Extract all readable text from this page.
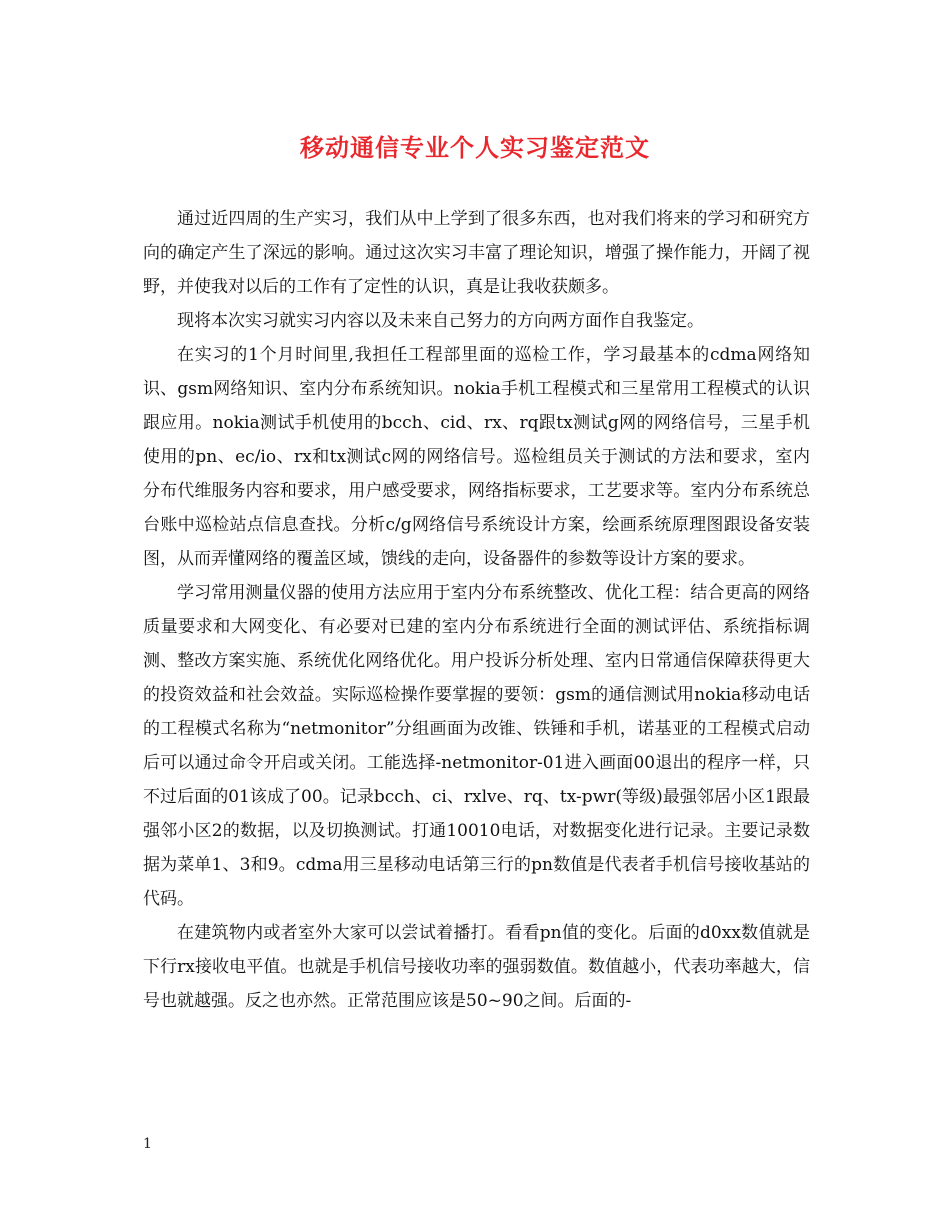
移动通信专业个人实习鉴定范文

通过近四周的生产实习，我们从中上学到了很多东西，也对我们将来的学习和研究方向的确定产生了深远的影响。通过这次实习丰富了理论知识，增强了操作能力，开阔了视野，并使我对以后的工作有了定性的认识，真是让我收获颇多。

现将本次实习就实习内容以及未来自己努力的方向两方面作自我鉴定。

在实习的1个月时间里,我担任工程部里面的巡检工作，学习最基本的cdma网络知识、gsm网络知识、室内分布系统知识。nokia手机工程模式和三星常用工程模式的认识跟应用。nokia测试手机使用的bcch、cid、rx、rq跟tx测试g网的网络信号，三星手机使用的pn、ec/io、rx和tx测试c网的网络信号。巡检组员关于测试的方法和要求，室内分布代维服务内容和要求，用户感受要求，网络指标要求，工艺要求等。室内分布系统总台账中巡检站点信息查找。分析c/g网络信号系统设计方案，绘画系统原理图跟设备安装图，从而弄懂网络的覆盖区域，馈线的走向，设备器件的参数等设计方案的要求。

学习常用测量仪器的使用方法应用于室内分布系统整改、优化工程：结合更高的网络质量要求和大网变化、有必要对已建的室内分布系统进行全面的测试评估、系统指标调测、整改方案实施、系统优化网络优化。用户投诉分析处理、室内日常通信保障获得更大的投资效益和社会效益。实际巡检操作要掌握的要领：gsm的通信测试用nokia移动电话的工程模式名称为“netmonitor”分组画面为改锥、铁锤和手机，诺基亚的工程模式启动后可以通过命令开启或关闭。工能选择-netmonitor-01进入画面00退出的程序一样，只不过后面的01该成了00。记录bcch、ci、rxlve、rq、tx-pwr(等级)最强邻居小区1跟最强邻小区2的数据，以及切换测试。打通10010电话，对数据变化进行记录。主要记录数据为菜单1、3和9。cdma用三星移动电话第三行的pn数值是代表者手机信号接收基站的代码。

在建筑物内或者室外大家可以尝试着播打。看看pn值的变化。后面的d0xx数值就是下行rx接收电平值。也就是手机信号接收功率的强弱数值。数值越小，代表功率越大，信号也就越强。反之也亦然。正常范围应该是50~90之间。后面的-

1
